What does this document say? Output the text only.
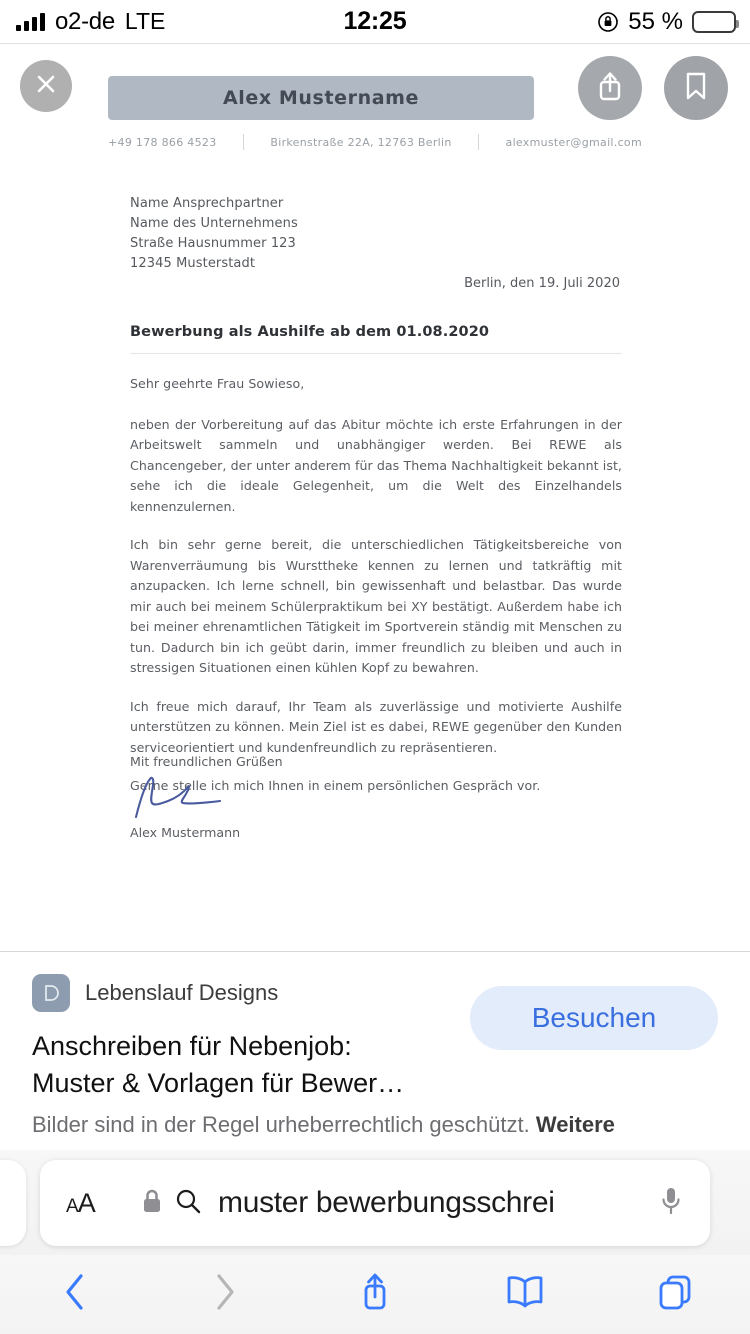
o2-de LTE	12:25	55 %
Alex Mustername
+49 178 866 4523	Birkenstraße 22A, 12763 Berlin	alexmuster@gmail.com
Name Ansprechpartner
Name des Unternehmens
Straße Hausnummer 123
12345 Musterstadt
Berlin, den 19. Juli 2020
Bewerbung als Aushilfe ab dem 01.08.2020

Sehr geehrte Frau Sowieso,

neben der Vorbereitung auf das Abitur möchte ich erste Erfahrungen in der Arbeitswelt sammeln und unabhängiger werden. Bei REWE als Chancengeber, der unter anderem für das Thema Nachhaltigkeit bekannt ist, sehe ich die ideale Gelegenheit, um die Welt des Einzelhandels kennenzulernen.

Ich bin sehr gerne bereit, die unterschiedlichen Tätigkeitsbereiche von Warenverräumung bis Wursttheke kennen zu lernen und tatkräftig mit anzupacken. Ich lerne schnell, bin gewissenhaft und belastbar. Das wurde mir auch bei meinem Schülerpraktikum bei XY bestätigt. Außerdem habe ich bei meiner ehrenamtlichen Tätigkeit im Sportverein ständig mit Menschen zu tun. Dadurch bin ich geübt darin, immer freundlich zu bleiben und auch in stressigen Situationen einen kühlen Kopf zu bewahren.

Ich freue mich darauf, Ihr Team als zuverlässige und motivierte Aushilfe unterstützen zu können. Mein Ziel ist es dabei, REWE gegenüber den Kunden serviceorientiert und kundenfreundlich zu repräsentieren.

Gerne stelle ich mich Ihnen in einem persönlichen Gespräch vor.

Mit freundlichen Grüßen
Alex Mustermann
Lebenslauf Designs
Anschreiben für Nebenjob:
Muster & Vorlagen für Bewer…
Bilder sind in der Regel urheberrechtlich geschützt. Weitere
Besuchen
AA	muster bewerbungsschrei
